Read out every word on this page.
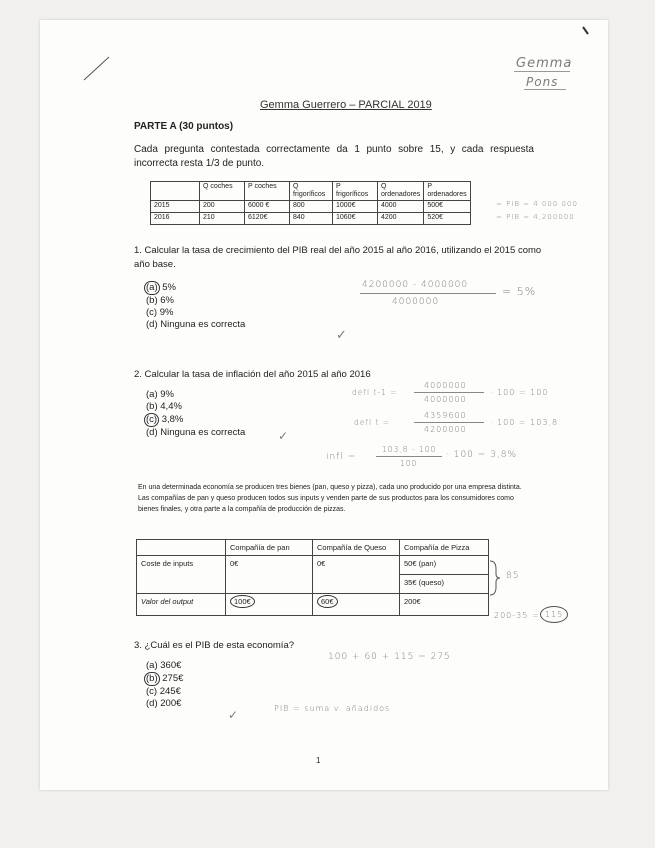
Gemma
Pons
Gemma Guerrero – PARCIAL 2019
PARTE A (30 puntos)
Cada pregunta contestada correctamente da 1 punto sobre 15, y cada respuesta incorrecta resta 1/3 de punto.
	Q coches	P coches	Q frigoríficos	P frigoríficos	Q ordenadores	P ordenadores
2015	200	6000 €	800	1000€	4000	500€
2016	210	6120€	840	1060€	4200	520€
= PIB = 4 000 000
= PIB = 4,200000
1. Calcular la tasa de crecimiento del PIB real del año 2015 al año 2016, utilizando el 2015 como año base.
(a) 5%
(b) 6%
(c) 9%
(d) Ninguna es correcta
4200000 - 4000000
4000000
= 5%
✓
2. Calcular la tasa de inflación del año 2015 al año 2016
(a) 9%
(b) 4,4%
(c) 3,8%
(d) Ninguna es correcta	✓
defl t-1 =
4000000
4000000
· 100 = 100
defl t =
4359600
4200000
· 100 = 103,8
infl =
103,8 - 100
100
· 100 = 3,8%
En una determinada economía se producen tres bienes (pan, queso y pizza), cada uno producido por una empresa distinta. Las compañías de pan y queso producen todos sus inputs y venden parte de sus productos para los consumidores como bienes finales, y otra parte a la compañía de producción de pizzas.
	Compañía de pan	Compañía de Queso	Compañía de Pizza
Coste de inputs	0€	0€	50€ (pan)
35€ (queso)

Valor del output	100€	60€	200€
85
200-35 = 115
3. ¿Cuál es el PIB de esta economía?
(a) 360€
(b) 275€
(c) 245€
(d) 200€
100 + 60 + 115 = 275
PIB = suma v. añadidos
✓
1
